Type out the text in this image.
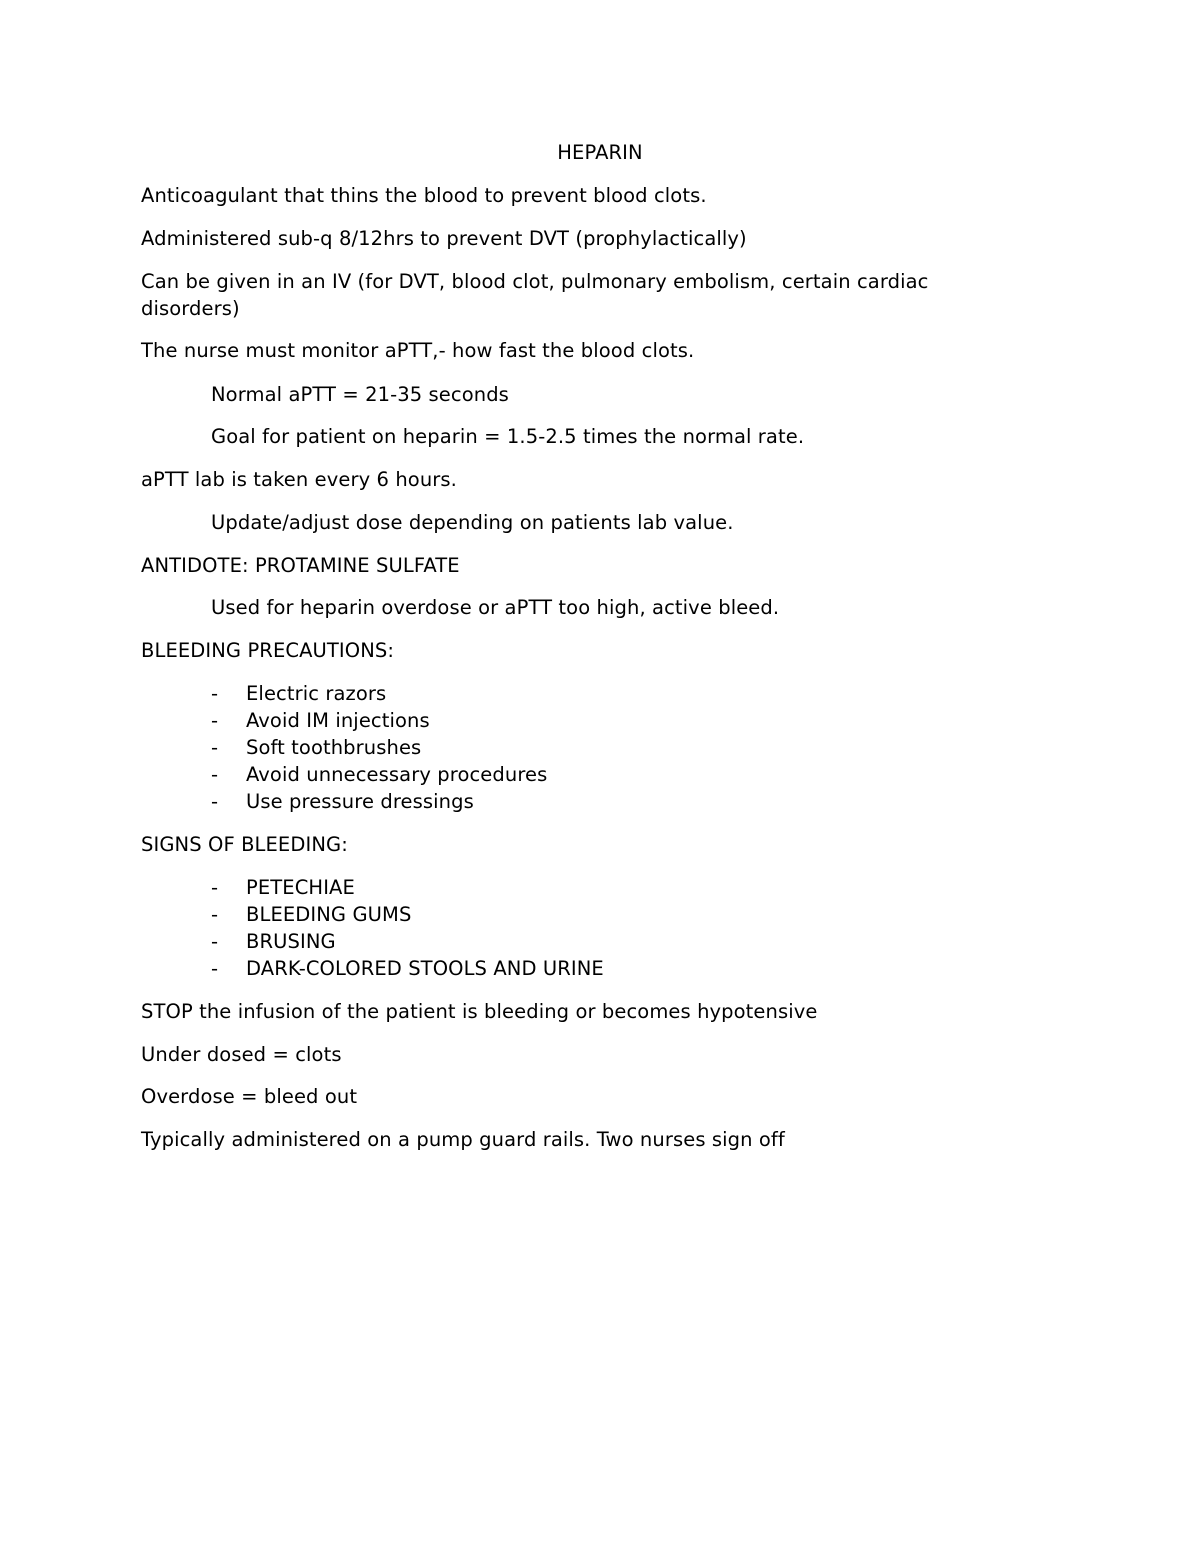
HEPARIN
Anticoagulant that thins the blood to prevent blood clots.
Administered sub-q 8/12hrs to prevent DVT (prophylactically)
Can be given in an IV (for DVT, blood clot, pulmonary embolism, certain cardiac
disorders)
The nurse must monitor aPTT,- how fast the blood clots.
Normal aPTT = 21-35 seconds
Goal for patient on heparin = 1.5-2.5 times the normal rate.
aPTT lab is taken every 6 hours.
Update/adjust dose depending on patients lab value.
ANTIDOTE: PROTAMINE SULFATE
Used for heparin overdose or aPTT too high, active bleed.
BLEEDING PRECAUTIONS:
- Electric razors
- Avoid IM injections
- Soft toothbrushes
- Avoid unnecessary procedures
- Use pressure dressings
SIGNS OF BLEEDING:
- PETECHIAE
- BLEEDING GUMS
- BRUSING
- DARK-COLORED STOOLS AND URINE
STOP the infusion of the patient is bleeding or becomes hypotensive
Under dosed = clots
Overdose = bleed out
Typically administered on a pump guard rails. Two nurses sign off
